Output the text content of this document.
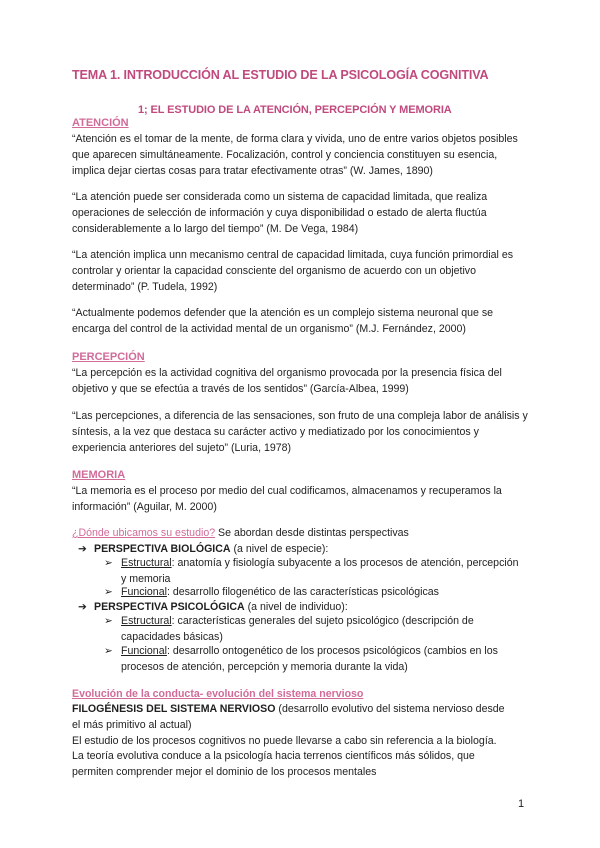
TEMA 1. INTRODUCCIÓN AL ESTUDIO DE LA PSICOLOGÍA COGNITIVA
1; EL ESTUDIO DE LA ATENCIÓN, PERCEPCIÓN Y MEMORIA
ATENCIÓN

“Atención es el tomar de la mente, de forma clara y vivida, uno de entre varios objetos posibles que aparecen simultáneamente. Focalización, control y conciencia constituyen su esencia, implica dejar ciertas cosas para tratar efectivamente otras” (W. James, 1890)

“La atención puede ser considerada como un sistema de capacidad limitada, que realiza operaciones de selección de información y cuya disponibilidad o estado de alerta fluctúa considerablemente a lo largo del tiempo” (M. De Vega, 1984)

“La atención implica unn mecanismo central de capacidad limitada, cuya función primordial es controlar y orientar la capacidad consciente del organismo de acuerdo con un objetivo determinado” (P. Tudela, 1992)

“Actualmente podemos defender que la atención es un complejo sistema neuronal que se encarga del control de la actividad mental de un organismo” (M.J. Fernández, 2000)

PERCEPCIÓN

“La percepción es la actividad cognitiva del organismo provocada por la presencia física del objetivo y que se efectúa a través de los sentidos” (García-Albea, 1999)

“Las percepciones, a diferencia de las sensaciones, son fruto de una compleja labor de análisis y síntesis, a la vez que destaca su carácter activo y mediatizado por los conocimientos y experiencia anteriores del sujeto” (Luria, 1978)

MEMORIA

“La memoria es el proceso por medio del cual codificamos, almacenamos y recuperamos la información” (Aguilar, M. 2000)

¿Dónde ubicamos su estudio? Se abordan desde distintas perspectivas
➔ PERSPECTIVA BIOLÓGICA (a nivel de especie):
➢ Estructural: anatomía y fisiología subyacente a los procesos de atención, percepción
y memoria
➢ Funcional: desarrollo filogenético de las características psicológicas
➔ PERSPECTIVA PSICOLÓGICA (a nivel de individuo):
➢ Estructural: características generales del sujeto psicológico (descripción de
capacidades básicas)
➢ Funcional: desarrollo ontogenético de los procesos psicológicos (cambios en los
procesos de atención, percepción y memoria durante la vida)
Evolución de la conducta- evolución del sistema nervioso
FILOGÉNESIS DEL SISTEMA NERVIOSO (desarrollo evolutivo del sistema nervioso desde
el más primitivo al actual)
El estudio de los procesos cognitivos no puede llevarse a cabo sin referencia a la biología.
La teoría evolutiva conduce a la psicología hacia terrenos científicos más sólidos, que
permiten comprender mejor el dominio de los procesos mentales
1
